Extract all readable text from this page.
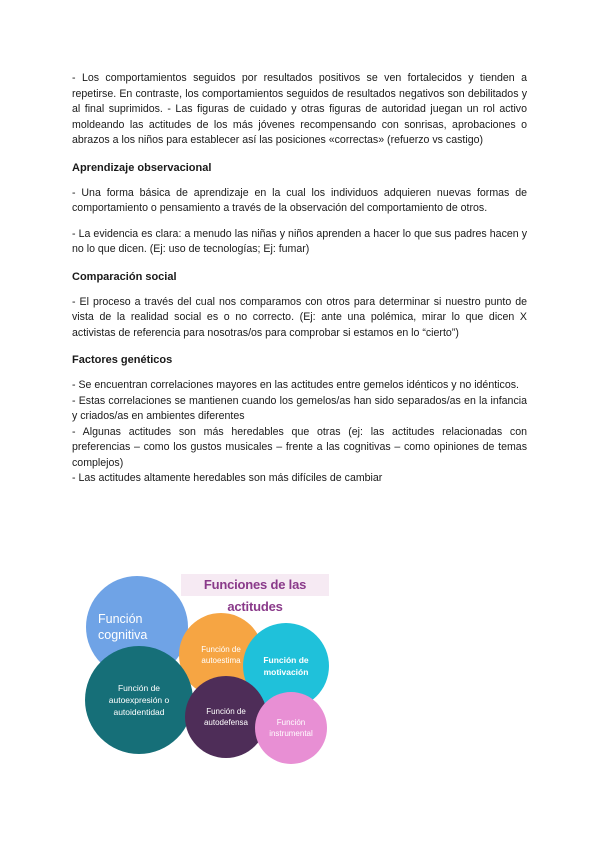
- Los comportamientos seguidos por resultados positivos se ven fortalecidos y tienden a repetirse. En contraste, los comportamientos seguidos de resultados negativos son debilitados y al final suprimidos. - Las figuras de cuidado y otras figuras de autoridad juegan un rol activo moldeando las actitudes de los más jóvenes recompensando con sonrisas, aprobaciones o abrazos a los niños para establecer así las posiciones «correctas» (refuerzo vs castigo)

Aprendizaje observacional

- Una forma básica de aprendizaje en la cual los individuos adquieren nuevas formas de comportamiento o pensamiento a través de la observación del comportamiento de otros.

- La evidencia es clara: a menudo las niñas y niños aprenden a hacer lo que sus padres hacen y no lo que dicen. (Ej: uso de tecnologías; Ej: fumar)

Comparación social

- El proceso a través del cual nos comparamos con otros para determinar si nuestro punto de vista de la realidad social es o no correcto. (Ej: ante una polémica, mirar lo que dicen X activistas de referencia para nosotras/os para comprobar si estamos en lo “cierto”)

Factores genéticos

- Se encuentran correlaciones mayores en las actitudes entre gemelos idénticos y no idénticos.

- Estas correlaciones se mantienen cuando los gemelos/as han sido separados/as en la infancia y criados/as en ambientes diferentes

- Algunas actitudes son más heredables que otras (ej: las actitudes relacionadas con preferencias – como los gustos musicales – frente a las cognitivas – como opiniones de temas complejos)

- Las actitudes altamente heredables son más difíciles de cambiar

Funciones de las actitudes
Función
cognitiva
Función de
autoestima	Función de
motivación
Función de
autoexpresión o
autoidentidad	Función de
autodefensa	Función
instrumental
